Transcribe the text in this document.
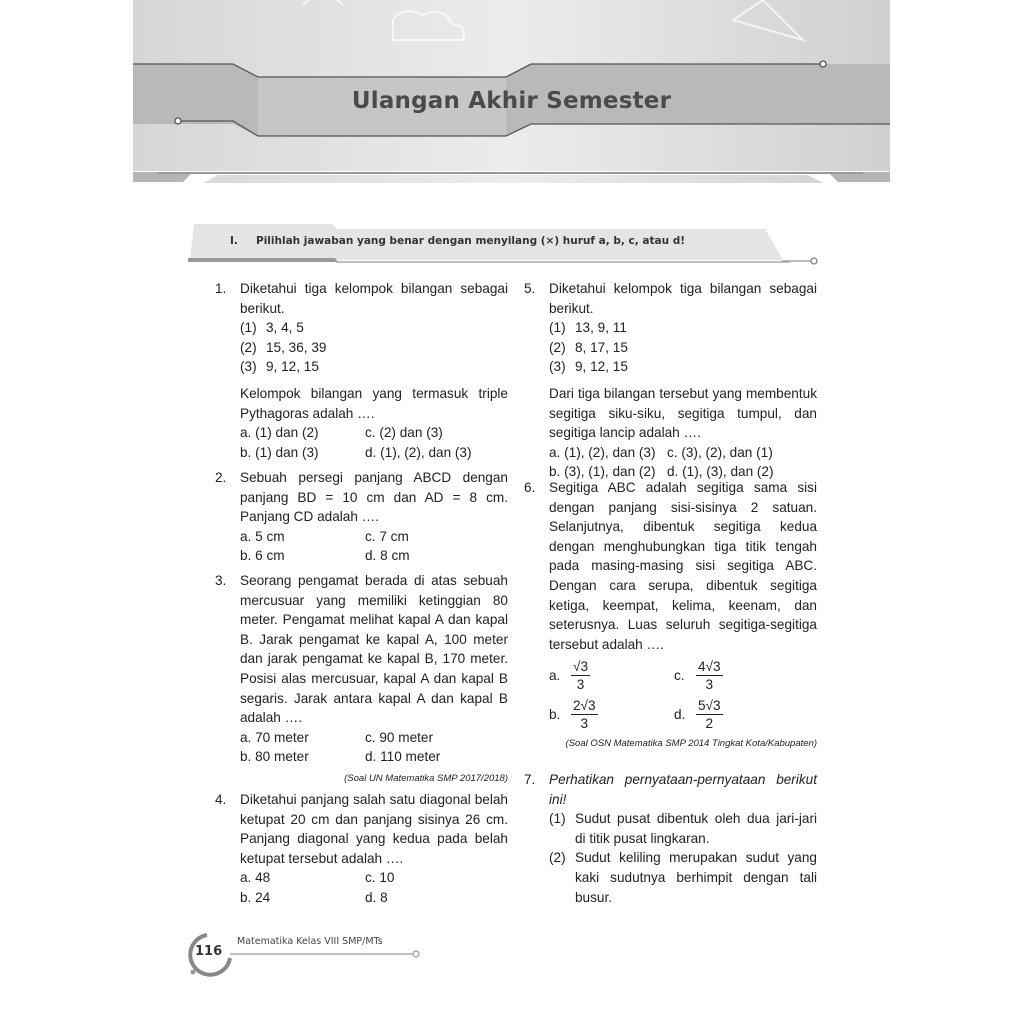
Ulangan Akhir Semester
I. Pilihlah jawaban yang benar dengan menyilang (×) huruf a, b, c, atau d!
1. Diketahui tiga kelompok bilangan sebagai berikut.
(1) 3, 4, 5
(2) 15, 36, 39
(3) 9, 12, 15
Kelompok bilangan yang termasuk triple Pythagoras adalah ….
a. (1) dan (2)	c. (2) dan (3)
b. (1) dan (3)	d. (1), (2), dan (3)
2. Sebuah persegi panjang ABCD dengan panjang BD = 10 cm dan AD = 8 cm. Panjang CD adalah ….
a. 5 cm	c. 7 cm
b. 6 cm	d. 8 cm
3. Seorang pengamat berada di atas sebuah mercusuar yang memiliki ketinggian 80 meter. Pengamat melihat kapal A dan kapal B. Jarak pengamat ke kapal A, 100 meter dan jarak pengamat ke kapal B, 170 meter. Posisi alas mercusuar, kapal A dan kapal B segaris. Jarak antara kapal A dan kapal B adalah ….
a. 70 meter	c. 90 meter
b. 80 meter	d. 110 meter
(Soal UN Matematika SMP 2017/2018)
4. Diketahui panjang salah satu diagonal belah ketupat 20 cm dan panjang sisinya 26 cm. Panjang diagonal yang kedua pada belah ketupat tersebut adalah ….
a. 48	c. 10
b. 24	d. 8
5. Diketahui kelompok tiga bilangan sebagai berikut.
(1) 13, 9, 11
(2) 8, 17, 15
(3) 9, 12, 15
Dari tiga bilangan tersebut yang membentuk segitiga siku-siku, segitiga tumpul, dan segitiga lancip adalah ….
a. (1), (2), dan (3) c. (3), (2), dan (1)
b. (3), (1), dan (2) d. (1), (3), dan (2)
6. Segitiga ABC adalah segitiga sama sisi dengan panjang sisi-sisinya 2 satuan. Selanjutnya, dibentuk segitiga kedua dengan menghubungkan tiga titik tengah pada masing-masing sisi segitiga ABC. Dengan cara serupa, dibentuk segitiga ketiga, keempat, kelima, keenam, dan seterusnya. Luas seluruh segitiga-segitiga tersebut adalah ….
a. $\frac{√3}{3}$	c. $\frac{4√3}{3}$
b. $\frac{2√3}{3}$	d. $\frac{5√3}{2}$
(Soal OSN Matematika SMP 2014 Tingkat Kota/Kabupaten)
7. Perhatikan pernyataan-pernyataan berikut ini!
(1) Sudut pusat dibentuk oleh dua jari-jari di titik pusat lingkaran.
(2) Sudut keliling merupakan sudut yang kaki sudutnya berhimpit dengan tali busur.
116
Matematika Kelas VIII SMP/MTs
